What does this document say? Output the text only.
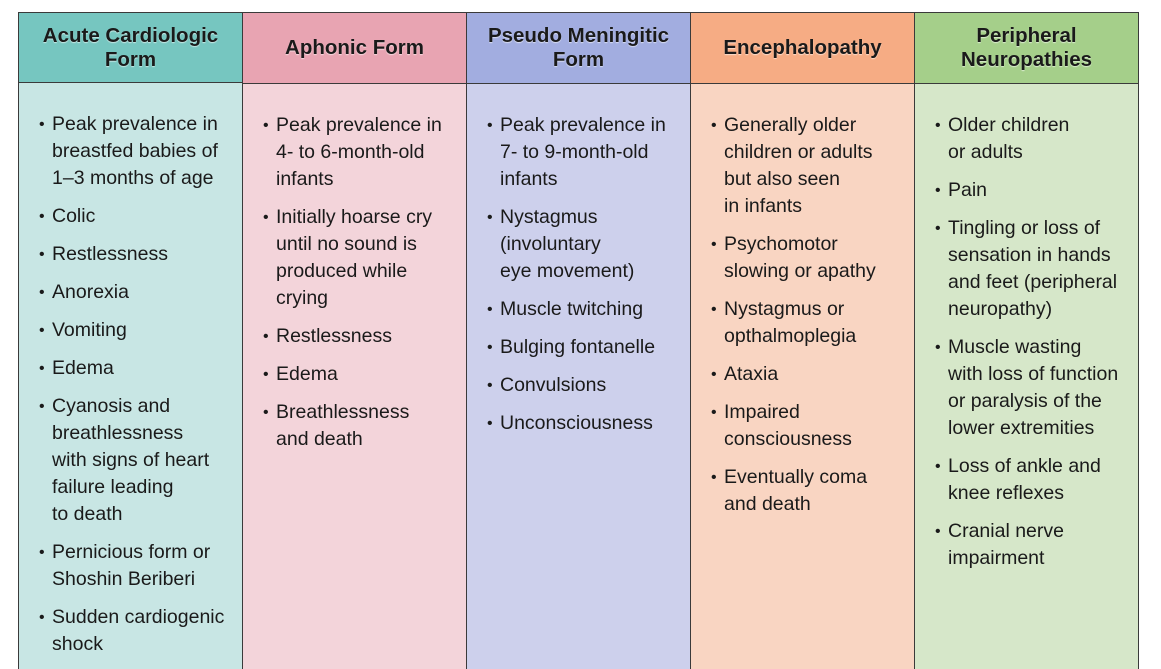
Acute Cardiologic
Form
• Peak prevalence in
breastfed babies of
1–3 months of age
• Colic
• Restlessness
• Anorexia
• Vomiting
• Edema
• Cyanosis and
breathlessness
with signs of heart
failure leading
to death
• Pernicious form or
Shoshin Beriberi
• Sudden cardiogenic
shock
Aphonic Form
• Peak prevalence in
4- to 6-month-old
infants
• Initially hoarse cry
until no sound is
produced while
crying
• Restlessness
• Edema
• Breathlessness
and death
Pseudo Meningitic
Form
• Peak prevalence in
7- to 9-month-old
infants
• Nystagmus
(involuntary
eye movement)
• Muscle twitching
• Bulging fontanelle
• Convulsions
• Unconsciousness
Encephalopathy
• Generally older
children or adults
but also seen
in infants
• Psychomotor
slowing or apathy
• Nystagmus or
opthalmoplegia
• Ataxia
• Impaired
consciousness
• Eventually coma
and death
Peripheral
Neuropathies
• Older children
or adults
• Pain
• Tingling or loss of
sensation in hands
and feet (peripheral
neuropathy)
• Muscle wasting
with loss of function
or paralysis of the
lower extremities
• Loss of ankle and
knee reflexes
• Cranial nerve
impairment
